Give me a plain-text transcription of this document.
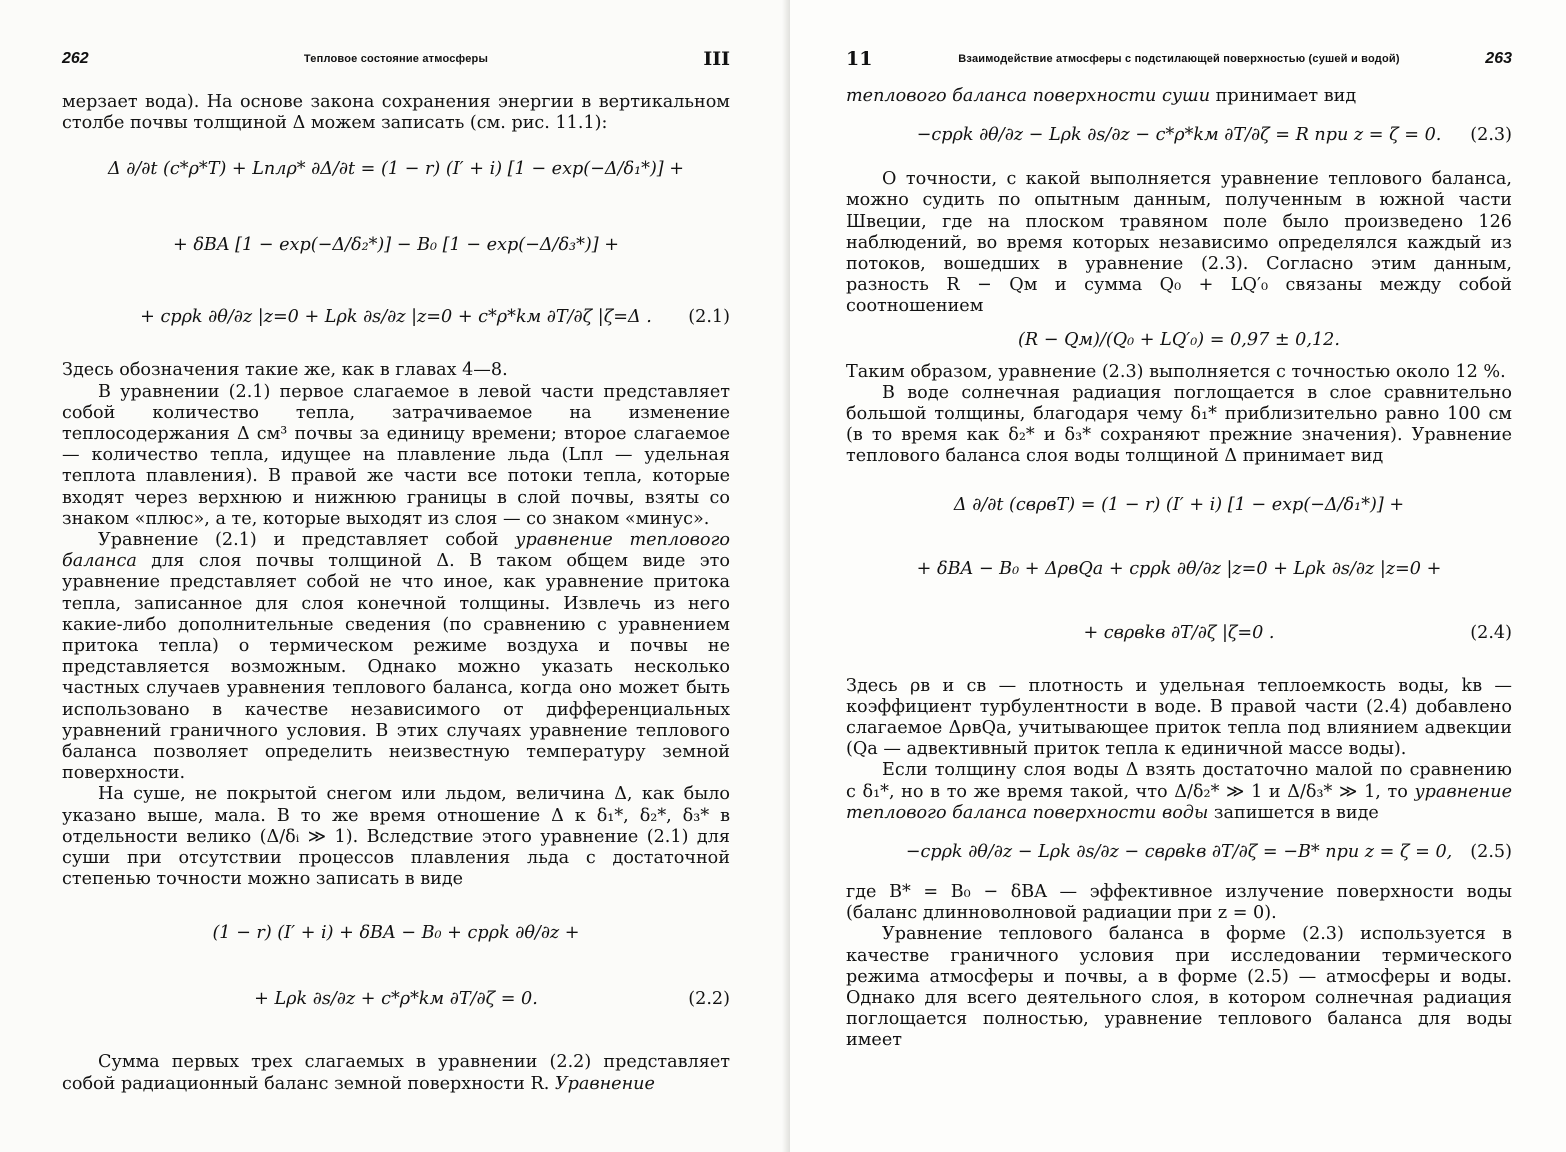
262	Тепловое состояние атмосферы	III

мерзает вода). На основе закона сохранения энергии в вертикальном столбе почвы толщиной Δ можем записать (см. рис. 11.1):

Δ ∂/∂t (c*ρ*T) + Lплρ* ∂Δ/∂t = (1 − r) (I′ + i) [1 − exp(−Δ/δ₁*)] +
+ δBA [1 − exp(−Δ/δ₂*)] − B₀ [1 − exp(−Δ/δ₃*)] +
+ cpρk ∂θ/∂z |z=0 + Lρk ∂s/∂z |z=0 + c*ρ*kм ∂T/∂ζ |ζ=Δ . (2.1)

Здесь обозначения такие же, как в главах 4—8.

В уравнении (2.1) первое слагаемое в левой части представляет собой количество тепла, затрачиваемое на изменение теплосодержания Δ см³ почвы за единицу времени; второе слагаемое — количество тепла, идущее на плавление льда (Lпл — удельная теплота плавления). В правой же части все потоки тепла, которые входят через верхнюю и нижнюю границы в слой почвы, взяты со знаком «плюс», а те, которые выходят из слоя — со знаком «минус».

Уравнение (2.1) и представляет собой уравнение теплового баланса для слоя почвы толщиной Δ. В таком общем виде это уравнение представляет собой не что иное, как уравнение притока тепла, записанное для слоя конечной толщины. Извлечь из него какие-либо дополнительные сведения (по сравнению с уравнением притока тепла) о термическом режиме воздуха и почвы не представляется возможным. Однако можно указать несколько частных случаев уравнения теплового баланса, когда оно может быть использовано в качестве независимого от дифференциальных уравнений граничного условия. В этих случаях уравнение теплового баланса позволяет определить неизвестную температуру земной поверхности.

На суше, не покрытой снегом или льдом, величина Δ, как было указано выше, мала. В то же время отношение Δ к δ₁*, δ₂*, δ₃* в отдельности велико (Δ/δᵢ ≫ 1). Вследствие этого уравнение (2.1) для суши при отсутствии процессов плавления льда с достаточной степенью точности можно записать в виде

(1 − r) (I′ + i) + δBA − B₀ + cpρk ∂θ/∂z +
+ Lρk ∂s/∂z + c*ρ*kм ∂T/∂ζ = 0.	(2.2)

Сумма первых трех слагаемых в уравнении (2.2) представляет собой радиационный баланс земной поверхности R. Уравнение

11	Взаимодействие атмосферы с подстилающей поверхностью (сушей и водой)	263

теплового баланса поверхности суши принимает вид

−cpρk ∂θ/∂z − Lρk ∂s/∂z − c*ρ*kм ∂T/∂ζ = R при z = ζ = 0. (2.3)

О точности, с какой выполняется уравнение теплового баланса, можно судить по опытным данным, полученным в южной части Швеции, где на плоском травяном поле было произведено 126 наблюдений, во время которых независимо определялся каждый из потоков, вошедших в уравнение (2.3). Согласно этим данным, разность R − Qм и сумма Q₀ + LQ′₀ связаны между собой соотношением

(R − Qм)/(Q₀ + LQ′₀) = 0,97 ± 0,12.

Таким образом, уравнение (2.3) выполняется с точностью около 12 %.

В воде солнечная радиация поглощается в слое сравнительно большой толщины, благодаря чему δ₁* приблизительно равно 100 см (в то время как δ₂* и δ₃* сохраняют прежние значения). Уравнение теплового баланса слоя воды толщиной Δ принимает вид

Δ ∂/∂t (cвρвT) = (1 − r) (I′ + i) [1 − exp(−Δ/δ₁*)] +
+ δBA − B₀ + ΔρвQа + cpρk ∂θ/∂z |z=0 + Lρk ∂s/∂z |z=0 +
+ cвρвkв ∂T/∂ζ |ζ=0 .	(2.4)

Здесь ρв и cв — плотность и удельная теплоемкость воды, kв — коэффициент турбулентности в воде. В правой части (2.4) добавлено слагаемое ΔρвQа, учитывающее приток тепла под влиянием адвекции (Qа — адвективный приток тепла к единичной массе воды).

Если толщину слоя воды Δ взять достаточно малой по сравнению с δ₁*, но в то же время такой, что Δ/δ₂* ≫ 1 и Δ/δ₃* ≫ 1, то уравнение теплового баланса поверхности воды запишется в виде

−cpρk ∂θ/∂z − Lρk ∂s/∂z − cвρвkв ∂T/∂ζ = −B* при z = ζ = 0, (2.5)

где B* = B₀ − δBA — эффективное излучение поверхности воды (баланс длинноволновой радиации при z = 0).

Уравнение теплового баланса в форме (2.3) используется в качестве граничного условия при исследовании термического режима атмосферы и почвы, а в форме (2.5) — атмосферы и воды. Однако для всего деятельного слоя, в котором солнечная радиация поглощается полностью, уравнение теплового баланса для воды имеет
